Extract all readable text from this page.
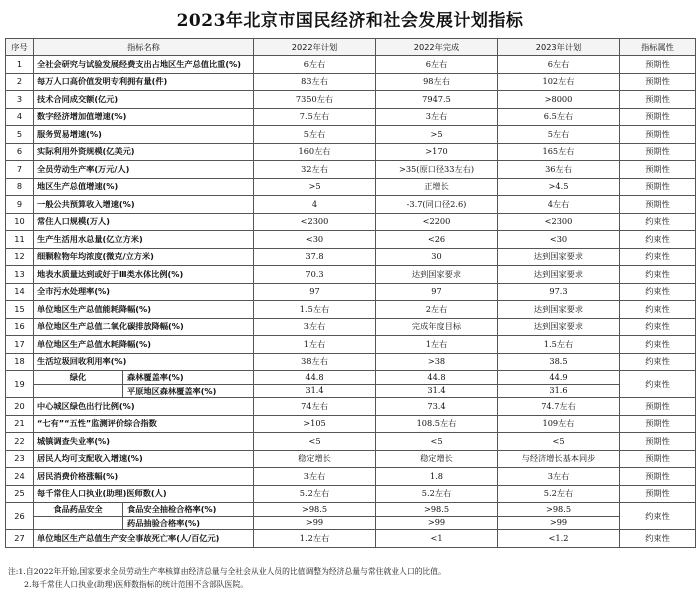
2023年北京市国民经济和社会发展计划指标
序号	指标名称	2022年计划	2022年完成	2023年计划	指标属性
1	全社会研究与试验发展经费支出占地区生产总值比重(%)	6左右	6左右	6左右	预期性
2	每万人口高价值发明专利拥有量(件)	83左右	98左右	102左右	预期性
3	技术合同成交额(亿元)	7350左右	7947.5	>8000	预期性
4	数字经济增加值增速(%)	7.5左右	3左右	6.5左右	预期性
5	服务贸易增速(%)	5左右	>5	5左右	预期性
6	实际利用外资规模(亿美元)	160左右	>170	165左右	预期性
7	全员劳动生产率(万元/人)	32左右	>35(原口径33左右)	36左右	预期性
8	地区生产总值增速(%)	>5	正增长	>4.5	预期性
9	一般公共预算收入增速(%)	4	-3.7(同口径2.6)	4左右	预期性
10	常住人口规模(万人)	<2300	<2200	<2300	约束性
11	生产生活用水总量(亿立方米)	<30	<26	<30	约束性
12	细颗粒物年均浓度(微克/立方米)	37.8	30	达到国家要求	约束性
13	地表水质量达到或好于Ⅲ类水体比例(%)	70.3	达到国家要求	达到国家要求	约束性
14	全市污水处理率(%)	97	97	97.3	约束性
15	单位地区生产总值能耗降幅(%)	1.5左右	2左右	达到国家要求	约束性
16	单位地区生产总值二氧化碳排放降幅(%)	3左右	完成年度目标	达到国家要求	约束性
17	单位地区生产总值水耗降幅(%)	1左右	1左右	1.5左右	约束性
18	生活垃圾回收利用率(%)	38左右	>38	38.5	约束性
19	绿化 森林覆盖率(%)	44.8	44.8	44.9	约束性

	平原地区森林覆盖率(%)	31.4	31.4	31.6	
20	中心城区绿色出行比例(%)	74左右	73.4	74.7左右	预期性
21	“七有”“五性”监测评价综合指数	>105	108.5左右	109左右	预期性
22	城镇调查失业率(%)	<5	<5	<5	预期性
23	居民人均可支配收入增速(%)	稳定增长	稳定增长	与经济增长基本同步	预期性
24	居民消费价格涨幅(%)	3左右	1.8	3左右	预期性
25	每千常住人口执业(助理)医师数(人)	5.2左右	5.2左右	5.2左右	预期性
26	食品药品安全 食品安全抽检合格率(%)	>98.5	>98.5	>98.5	约束性

	药品抽验合格率(%)	>99	>99	>99	
27	单位地区生产总值生产安全事故死亡率(人/百亿元)	1.2左右	<1	<1.2	约束性
注:1.自2022年开始,国家要求全员劳动生产率核算由经济总量与全社会从业人员的比值调整为经济总量与常住就业人口的比值。
2.每千常住人口执业(助理)医师数指标的统计范围不含部队医院。
